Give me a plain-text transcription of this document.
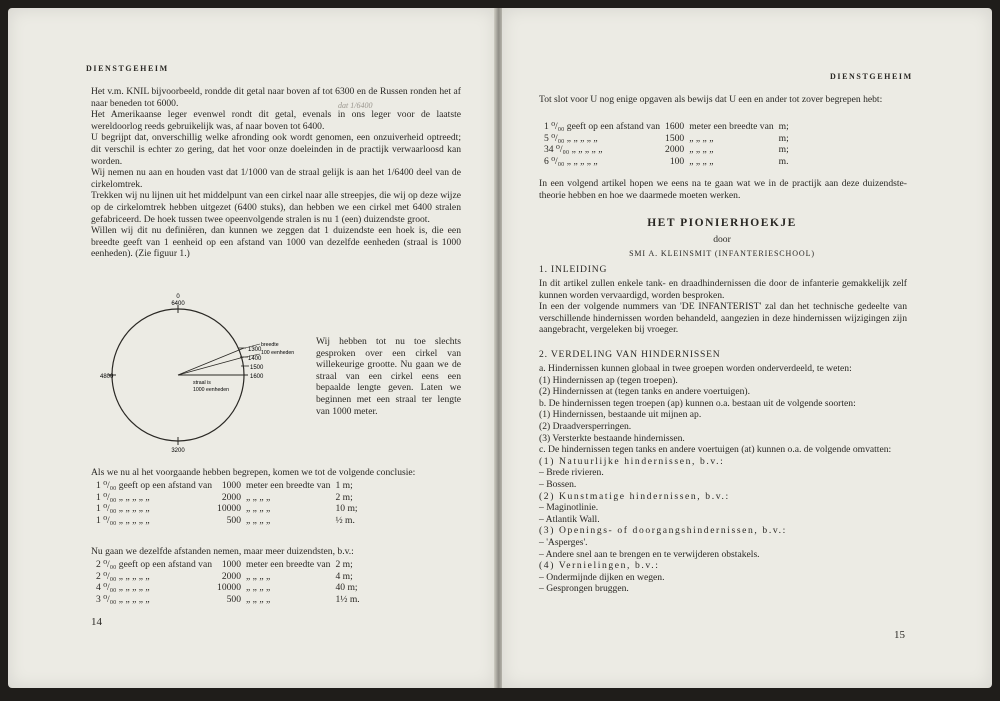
DIENSTGEHEIM
dat 1/6400

Het v.m. KNIL bijvoorbeeld, rondde dit getal naar boven af tot 6300 en de Russen ronden het af naar beneden tot 6000.

Het Amerikaanse leger evenwel rondt dit getal, evenals in ons leger voor de laatste wereldoorlog reeds gebruikelijk was, af naar boven tot 6400.

U begrijpt dat, onverschillig welke afronding ook wordt genomen, een onzuiverheid optreedt; dit verschil is echter zo gering, dat het voor onze doeleinden in de practijk verwaarloosd kan worden.

Wij nemen nu aan en houden vast dat 1/1000 van de straal gelijk is aan het 1/6400 deel van de cirkelomtrek.

Trekken wij nu lijnen uit het middelpunt van een cirkel naar alle streepjes, die wij op deze wijze op de cirkelomtrek hebben uitgezet (6400 stuks), dan hebben we een cirkel met 6400 stralen gefabriceerd. De hoek tussen twee opeenvolgende stralen is nu 1 (een) duizendste groot.

Willen wij dit nu definiëren, dan kunnen we zeggen dat 1 duizendste een hoek is, die een breedte geeft van 1 eenheid op een afstand van 1000 van dezelfde eenheden (straal is 1000 eenheden). (Zie figuur 1.)

0
6400
4800
3200
1300
1400
1500
1600
breedte
100 eenheden
straal is
1000 eenheden
Wij hebben tot nu toe slechts gesproken over een cirkel van willekeurige grootte. Nu gaan we de straal van een cirkel eens een bepaalde lengte geven. Laten we beginnen met een straal ter lengte van 1000 meter.
Als we nu al het voorgaande hebben begrepen, komen we tot de volgende conclusie:
1 ⁰/₀₀ geeft op een afstand van	1000	meter een breedte van	1 m;
1 ⁰/₀₀ „ „ „ „ „	2000	„ „ „ „	2 m;
1 ⁰/₀₀ „ „ „ „ „	10000	„ „ „ „	10 m;
1 ⁰/₀₀ „ „ „ „ „	500	„ „ „ „	½ m.
Nu gaan we dezelfde afstanden nemen, maar meer duizendsten, b.v.:
2 ⁰/₀₀ geeft op een afstand van	1000	meter een breedte van	2 m;
2 ⁰/₀₀ „ „ „ „ „	2000	„ „ „ „	4 m;
4 ⁰/₀₀ „ „ „ „ „	10000	„ „ „ „	40 m;
3 ⁰/₀₀ „ „ „ „ „	500	„ „ „ „	1½ m.
14
DIENSTGEHEIM
Tot slot voor U nog enige opgaven als bewijs dat U een en ander tot zover begrepen hebt:
1 ⁰/₀₀ geeft op een afstand van	1600	meter een breedte van	m;
5 ⁰/₀₀ „ „ „ „ „	1500	„ „ „ „	m;
34 ⁰/₀₀ „ „ „ „ „	2000	„ „ „ „	m;
6 ⁰/₀₀ „ „ „ „ „	100	„ „ „ „	m.
In een volgend artikel hopen we eens na te gaan wat we in de practijk aan deze duizendste-theorie hebben en hoe we daarmede moeten werken.
HET PIONIERHOEKJE
door
SMI A. KLEINSMIT (INFANTERIESCHOOL)
1. INLEIDING

In dit artikel zullen enkele tank- en draadhindernissen die door de infanterie gemakkelijk zelf kunnen worden vervaardigd, worden besproken.

In een der volgende nummers van 'DE INFANTERIST' zal dan het technische gedeelte van verschillende hindernissen worden behandeld, aangezien in deze hindernissen wijzigingen zijn aangebracht, vergeleken bij vroeger.

2. VERDELING VAN HINDERNISSEN
a. Hindernissen kunnen globaal in twee groepen worden onderverdeeld, te weten:
(1) Hindernissen ap (tegen troepen).
(2) Hindernissen at (tegen tanks en andere voertuigen).
b. De hindernissen tegen troepen (ap) kunnen o.a. bestaan uit de volgende soorten:
(1) Hindernissen, bestaande uit mijnen ap.
(2) Draadversperringen.
(3) Versterkte bestaande hindernissen.
c. De hindernissen tegen tanks en andere voertuigen (at) kunnen o.a. de volgende omvatten:
(1) Natuurlijke hindernissen, b.v.:
– Brede rivieren.
– Bossen.
(2) Kunstmatige hindernissen, b.v.:
– Maginotlinie.
– Atlantik Wall.
(3) Openings- of doorgangshindernissen, b.v.:
– 'Asperges'.
– Andere snel aan te brengen en te verwijderen obstakels.
(4) Vernielingen, b.v.:
– Ondermijnde dijken en wegen.
– Gesprongen bruggen.
15
